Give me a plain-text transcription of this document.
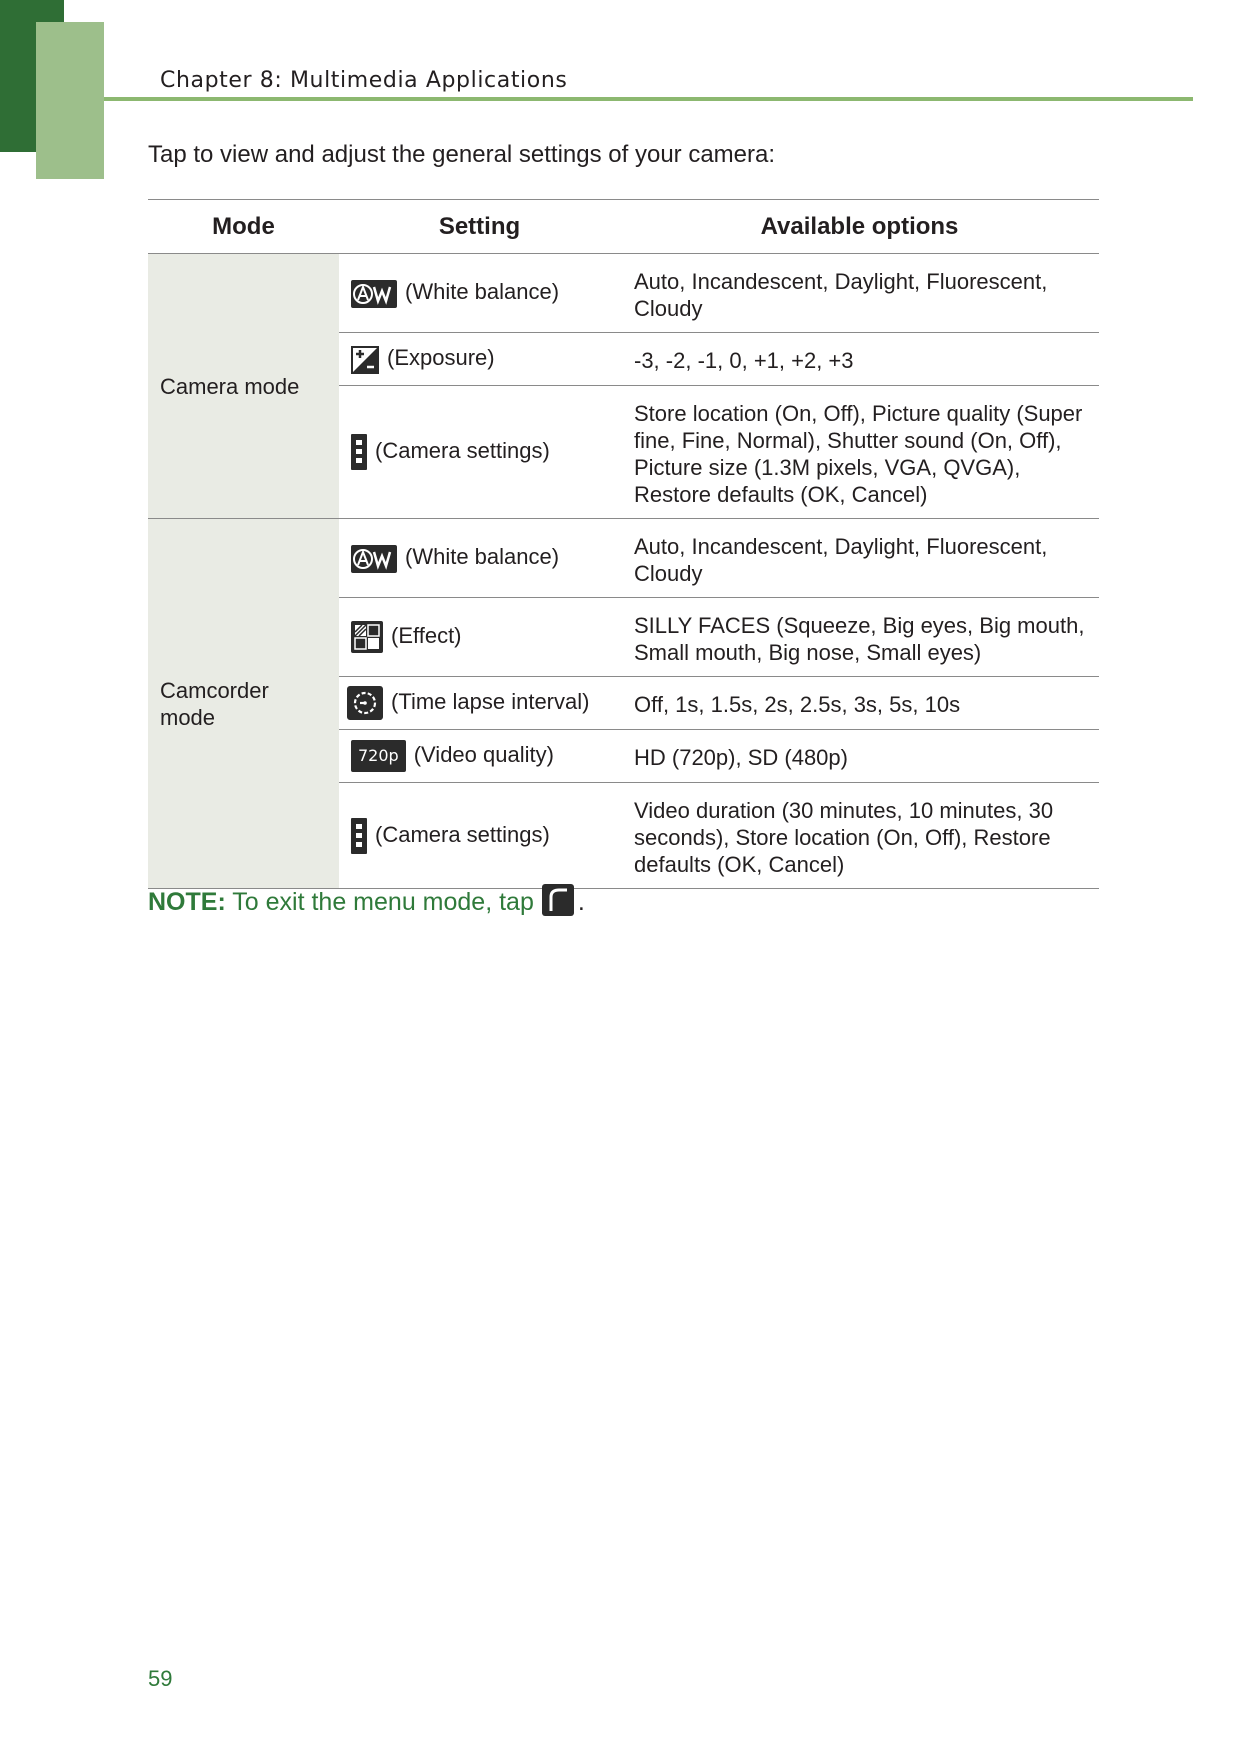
Chapter 8: Multimedia Applications
Tap to view and adjust the general settings of your camera:
Mode	Setting	Available options
Camera mode	(White balance)	Auto, Incandescent, Daylight, Fluorescent, Cloudy

(Exposure)	-3, -2, -1, 0, +1, +2, +3

(Camera settings)	Store location (On, Off), Picture quality (Super fine, Fine, Normal), Shutter sound (On, Off), Picture size (1.3M pixels, VGA, QVGA), Restore defaults (OK, Cancel)
Camcorder mode	(White balance)	Auto, Incandescent, Daylight, Fluorescent, Cloudy

(Effect)	SILLY FACES (Squeeze, Big eyes, Big mouth, Small mouth, Big nose, Small eyes)

(Time lapse interval)	Off, 1s, 1.5s, 2s, 2.5s, 3s, 5s, 10s
	720p (Video quality)	HD (720p), SD (480p)

(Camera settings)	Video duration (30 minutes, 10 minutes, 30 seconds), Store location (On, Off), Restore defaults (OK, Cancel)
NOTE: To exit the menu mode, tap .
59
